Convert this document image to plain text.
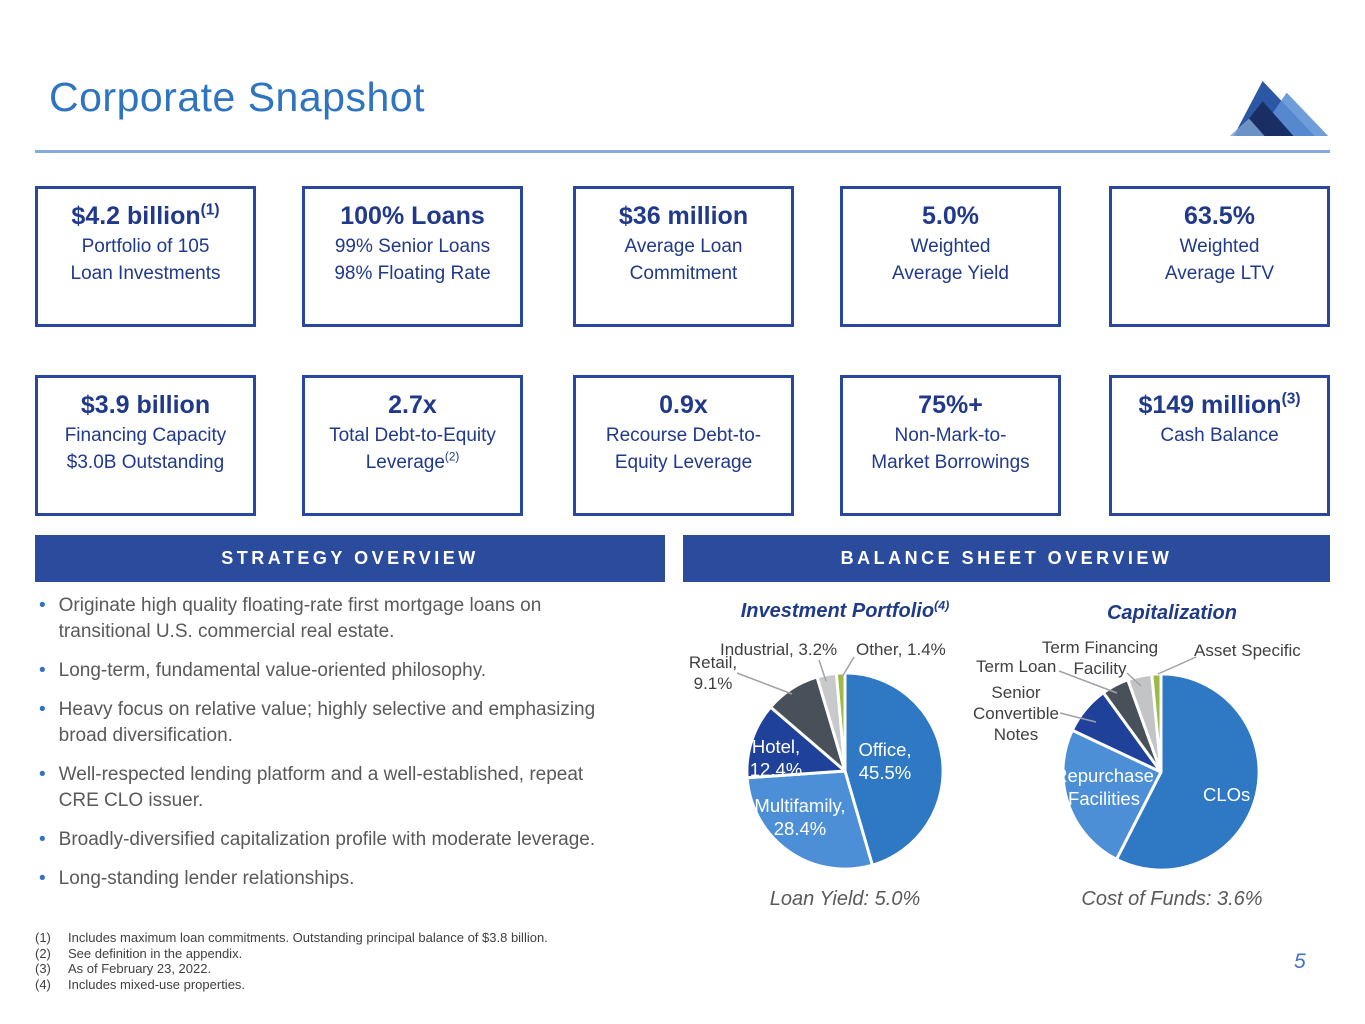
Corporate Snapshot
$4.2 billion$^{(1)}$
Portfolio of 105
Loan Investments
100% Loans
99% Senior Loans
98% Floating Rate
$36 million
Average Loan
Commitment
5.0%
Weighted
Average Yield
63.5%
Weighted
Average LTV
$3.9 billion
Financing Capacity
$3.0B Outstanding
2.7x
Total Debt-to-Equity
Leverage$^{(2)}$
0.9x
Recourse Debt-to-
Equity Leverage
75%+
Non-Mark-to-
Market Borrowings
$149 million$^{(3)}$
Cash Balance
STRATEGY OVERVIEW	BALANCE SHEET OVERVIEW
• Originate high quality floating-rate first mortgage loans on
transitional U.S. commercial real estate.
• Long-term, fundamental value-oriented philosophy.
• Heavy focus on relative value; highly selective and emphasizing
broad diversification.
• Well-respected lending platform and a well-established, repeat
CRE CLO issuer.
• Broadly-diversified capitalization profile with moderate leverage.
• Long-standing lender relationships.
Investment Portfolio$^{(4)}$
Industrial, 3.2% Other, 1.4%
Retail,
9.1%
Hotel,
12.4%
Office,
45.5%
Multifamily,
28.4%
Loan Yield: 5.0%
Capitalization
Term Financing
Facility
Term Loan
Asset Specific
Senior
Convertible
Notes
Repurchase
Facilities	CLOs
Cost of Funds: 3.6%
(1)	Includes maximum loan commitments. Outstanding principal balance of $3.8 billion.
(2)	See definition in the appendix.
(3)	As of February 23, 2022.
(4)	Includes mixed-use properties.
5
